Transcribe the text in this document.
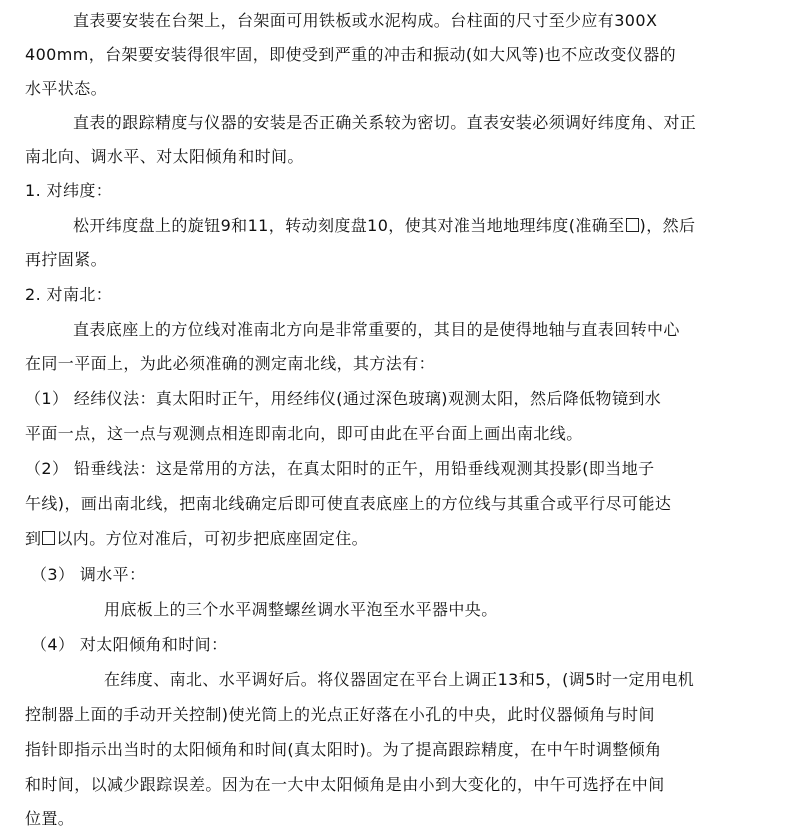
直表要安装在台架上，台架面可用铁板或水泥构成。台柱面的尺寸至少应有300X
400mm，台架要安装得很牢固，即使受到严重的冲击和振动(如大风等)也不应改变仪器的
水平状态。
直表的跟踪精度与仪器的安装是否正确关系较为密切。直表安装必须调好纬度角、对正
南北向、调水平、对太阳倾角和时间。
1. 对纬度：
松开纬度盘上的旋钮9和11，转动刻度盘10，使其对准当地地理纬度(准确至 )，然后
再拧固紧。
2. 对南北：
直表底座上的方位线对准南北方向是非常重要的，其目的是使得地轴与直表回转中心
在同一平面上，为此必须准确的测定南北线，其方法有：
（1） 经纬仪法：真太阳时正午，用经纬仪(通过深色玻璃)观测太阳，然后降低物镜到水
平面一点，这一点与观测点相连即南北向，即可由此在平台面上画出南北线。
（2） 铅垂线法：这是常用的方法，在真太阳时的正午，用铅垂线观测其投影(即当地子
午线)，画出南北线，把南北线确定后即可使直表底座上的方位线与其重合或平行尽可能达
到 以内。方位对准后，可初步把底座固定住。
（3） 调水平：
用底板上的三个水平凋整螺丝调水平泡至水平器中央。
（4） 对太阳倾角和时间：
在纬度、南北、水平调好后。将仪器固定在平台上调正13和5，(调5时一定用电机
控制器上面的手动开关控制)使光筒上的光点正好落在小孔的中央，此时仪器倾角与时间
指针即指示出当时的太阳倾角和时间(真太阳时)。为了提高跟踪精度，在中午时调整倾角
和时间，以减少跟踪误差。因为在一大中太阳倾角是由小到大变化的，中午可选抒在中间
位置。
